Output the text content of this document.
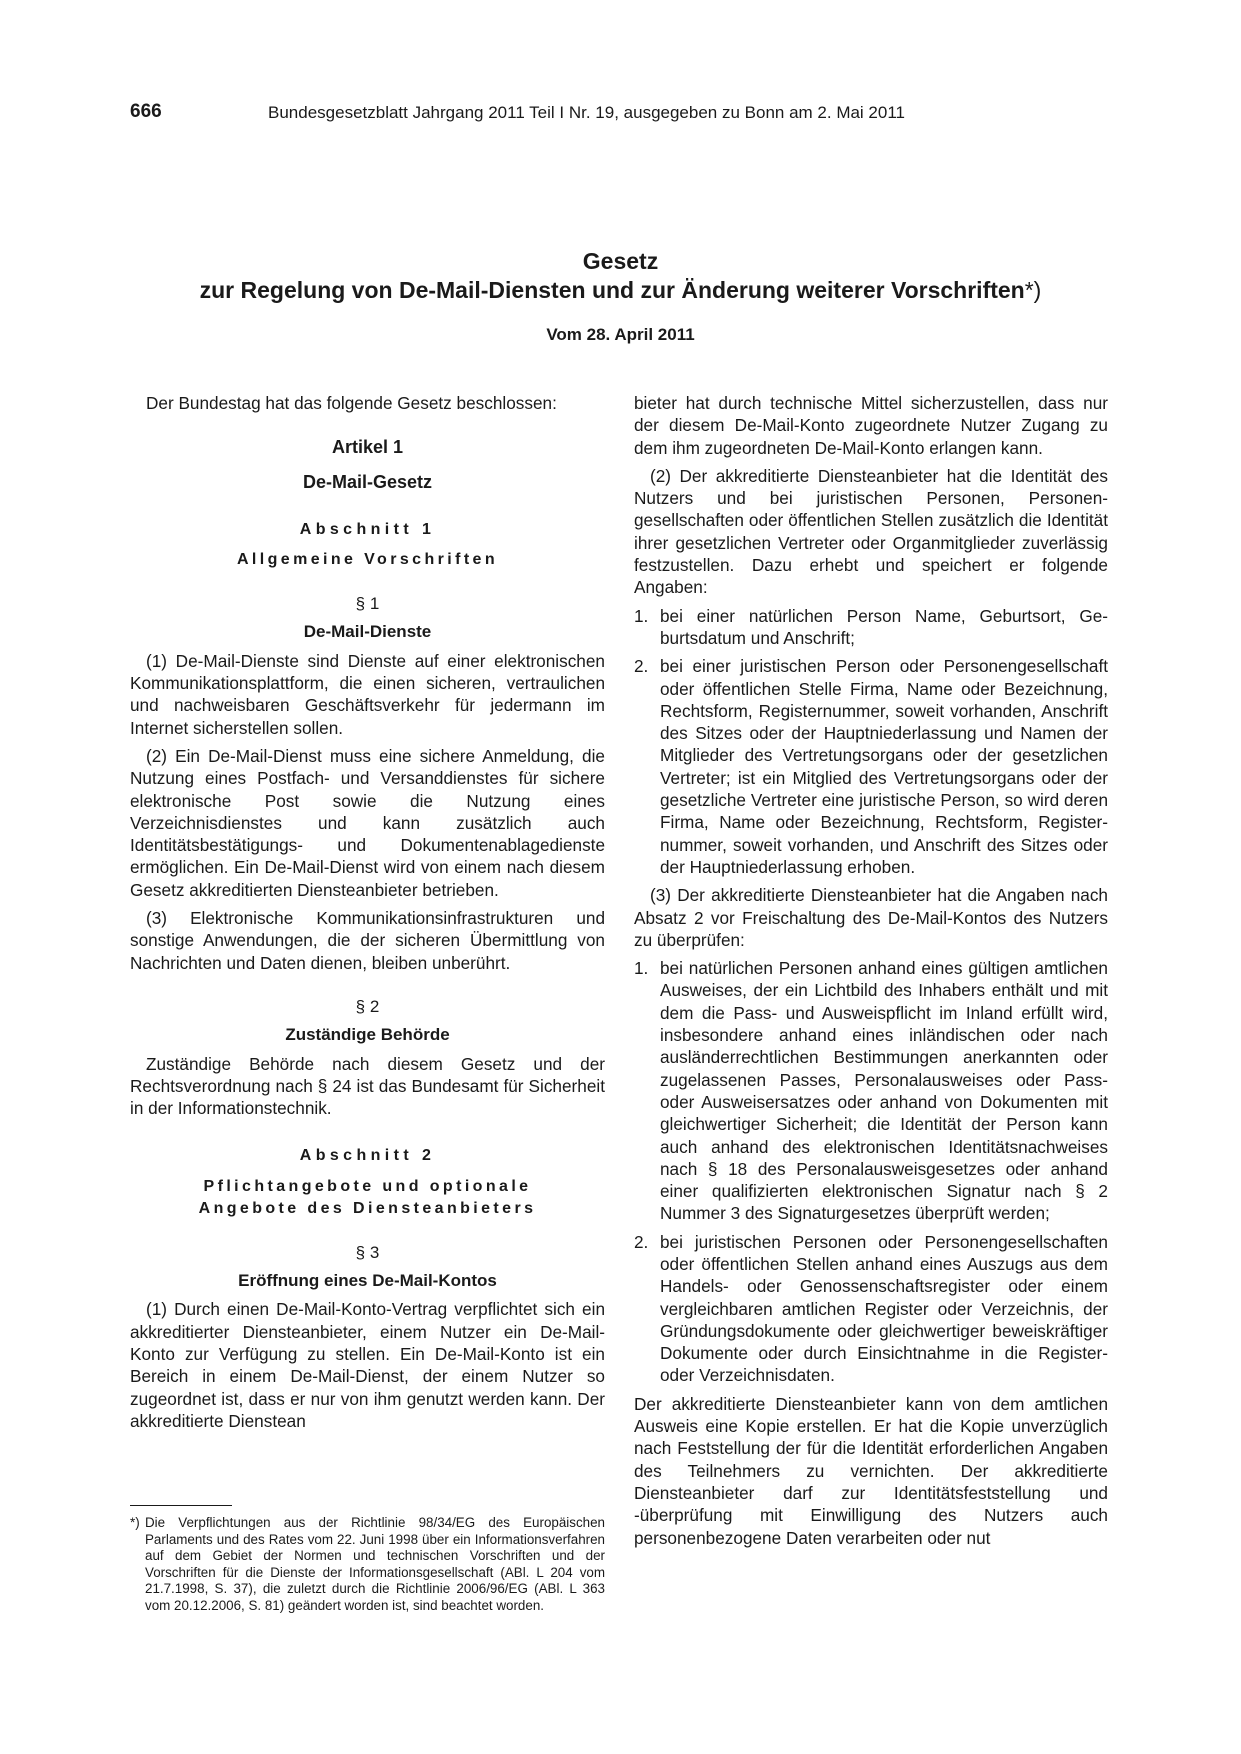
666	Bundesgesetzblatt Jahrgang 2011 Teil I Nr. 19, ausgegeben zu Bonn am 2. Mai 2011
Gesetz
zur Regelung von De-Mail-Diensten und zur Änderung weiterer Vorschriften*)
Vom 28. April 2011

Der Bundestag hat das folgende Gesetz beschlossen:

Artikel 1
De-Mail-Gesetz
Abschnitt 1
Allgemeine Vorschriften
§ 1
De-Mail-Dienste

(1) De-Mail-Dienste sind Dienste auf einer elektronischen Kommunikationsplattform, die einen sicheren, vertraulichen und nachweisbaren Geschäftsverkehr für jedermann im Internet sicherstellen sollen.

(2) Ein De-Mail-Dienst muss eine sichere Anmeldung, die Nutzung eines Postfach- und Versanddienstes für sichere elektronische Post sowie die Nutzung eines Verzeichnisdienstes und kann zusätzlich auch Identitätsbestätigungs- und Dokumentenablagedienste ermöglichen. Ein De-Mail-Dienst wird von einem nach diesem Gesetz akkreditierten Diensteanbieter betrieben.

(3) Elektronische Kommunikationsinfrastrukturen und sonstige Anwendungen, die der sicheren Übermittlung von Nachrichten und Daten dienen, bleiben unberührt.

§ 2
Zuständige Behörde

Zuständige Behörde nach diesem Gesetz und der Rechtsverordnung nach § 24 ist das Bundesamt für Sicherheit in der Informationstechnik.

Abschnitt 2
Pflichtangebote und optionale
Angebote des Diensteanbieters
§ 3
Eröffnung eines De-Mail-Kontos

(1) Durch einen De-Mail-Konto-Vertrag verpflichtet sich ein akkreditierter Diensteanbieter, einem Nutzer ein De-Mail-Konto zur Verfügung zu stellen. Ein De-Mail-Konto ist ein Bereich in einem De-Mail-Dienst, der einem Nutzer so zugeordnet ist, dass er nur von ihm genutzt werden kann. Der akkreditierte Dienstean

bieter hat durch technische Mittel sicherzustellen, dass nur der diesem De-Mail-Konto zugeordnete Nutzer Zugang zu dem ihm zugeordneten De-Mail-Konto erlangen kann.

(2) Der akkreditierte Diensteanbieter hat die Identität des Nutzers und bei juristischen Personen, Personengesellschaften oder öffentlichen Stellen zusätzlich die Identität ihrer gesetzlichen Vertreter oder Organmitglieder zuverlässig festzustellen. Dazu erhebt und speichert er folgende Angaben:

1. bei einer natürlichen Person Name, Geburtsort, Geburtsdatum und Anschrift;
2. bei einer juristischen Person oder Personengesellschaft oder öffentlichen Stelle Firma, Name oder Bezeichnung, Rechtsform, Registernummer, soweit vorhanden, Anschrift des Sitzes oder der Hauptniederlassung und Namen der Mitglieder des Vertretungsorgans oder der gesetzlichen Vertreter; ist ein Mitglied des Vertretungsorgans oder der gesetzliche Vertreter eine juristische Person, so wird deren Firma, Name oder Bezeichnung, Rechtsform, Registernummer, soweit vorhanden, und Anschrift des Sitzes oder der Hauptniederlassung erhoben.

(3) Der akkreditierte Diensteanbieter hat die Angaben nach Absatz 2 vor Freischaltung des De-Mail-Kontos des Nutzers zu überprüfen:

1. bei natürlichen Personen anhand eines gültigen amtlichen Ausweises, der ein Lichtbild des Inhabers enthält und mit dem die Pass- und Ausweispflicht im Inland erfüllt wird, insbesondere anhand eines inländischen oder nach ausländerrechtlichen Bestimmungen anerkannten oder zugelassenen Passes, Personalausweises oder Pass- oder Ausweisersatzes oder anhand von Dokumenten mit gleichwertiger Sicherheit; die Identität der Person kann auch anhand des elektronischen Identitätsnachweises nach § 18 des Personalausweisgesetzes oder anhand einer qualifizierten elektronischen Signatur nach § 2 Nummer 3 des Signaturgesetzes überprüft werden;
2. bei juristischen Personen oder Personengesellschaften oder öffentlichen Stellen anhand eines Auszugs aus dem Handels- oder Genossenschaftsregister oder einem vergleichbaren amtlichen Register oder Verzeichnis, der Gründungsdokumente oder gleichwertiger beweiskräftiger Dokumente oder durch Einsichtnahme in die Register- oder Verzeichnisdaten.

Der akkreditierte Diensteanbieter kann von dem amtlichen Ausweis eine Kopie erstellen. Er hat die Kopie unverzüglich nach Feststellung der für die Identität erforderlichen Angaben des Teilnehmers zu vernichten. Der akkreditierte Diensteanbieter darf zur Identitätsfeststellung und -überprüfung mit Einwilligung des Nutzers auch personenbezogene Daten verarbeiten oder nut

*) Die Verpflichtungen aus der Richtlinie 98/34/EG des Europäischen Parlaments und des Rates vom 22. Juni 1998 über ein Informationsverfahren auf dem Gebiet der Normen und technischen Vorschriften und der Vorschriften für die Dienste der Informationsgesellschaft (ABl. L 204 vom 21.7.1998, S. 37), die zuletzt durch die Richtlinie 2006/96/EG (ABl. L 363 vom 20.12.2006, S. 81) geändert worden ist, sind beachtet worden.
